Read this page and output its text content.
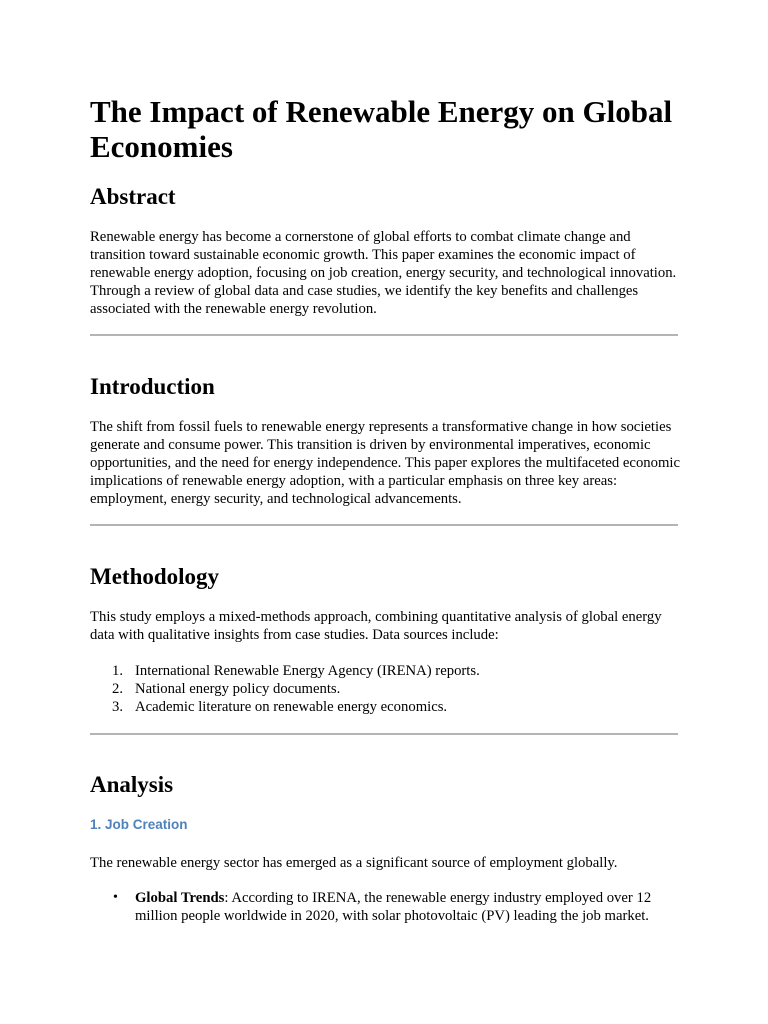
The Impact of Renewable Energy on Global Economies
Abstract

Renewable energy has become a cornerstone of global efforts to combat climate change and transition toward sustainable economic growth. This paper examines the economic impact of renewable energy adoption, focusing on job creation, energy security, and technological innovation. Through a review of global data and case studies, we identify the key benefits and challenges associated with the renewable energy revolution.

Introduction

The shift from fossil fuels to renewable energy represents a transformative change in how societies generate and consume power. This transition is driven by environmental imperatives, economic opportunities, and the need for energy independence. This paper explores the multifaceted economic implications of renewable energy adoption, with a particular emphasis on three key areas: employment, energy security, and technological advancements.

Methodology

This study employs a mixed-methods approach, combining quantitative analysis of global energy data with qualitative insights from case studies. Data sources include:

1. International Renewable Energy Agency (IRENA) reports.
2. National energy policy documents.
3. Academic literature on renewable energy economics.
Analysis
1. Job Creation

The renewable energy sector has emerged as a significant source of employment globally.

• Global Trends: According to IRENA, the renewable energy industry employed over 12 million people worldwide in 2020, with solar photovoltaic (PV) leading the job market.
